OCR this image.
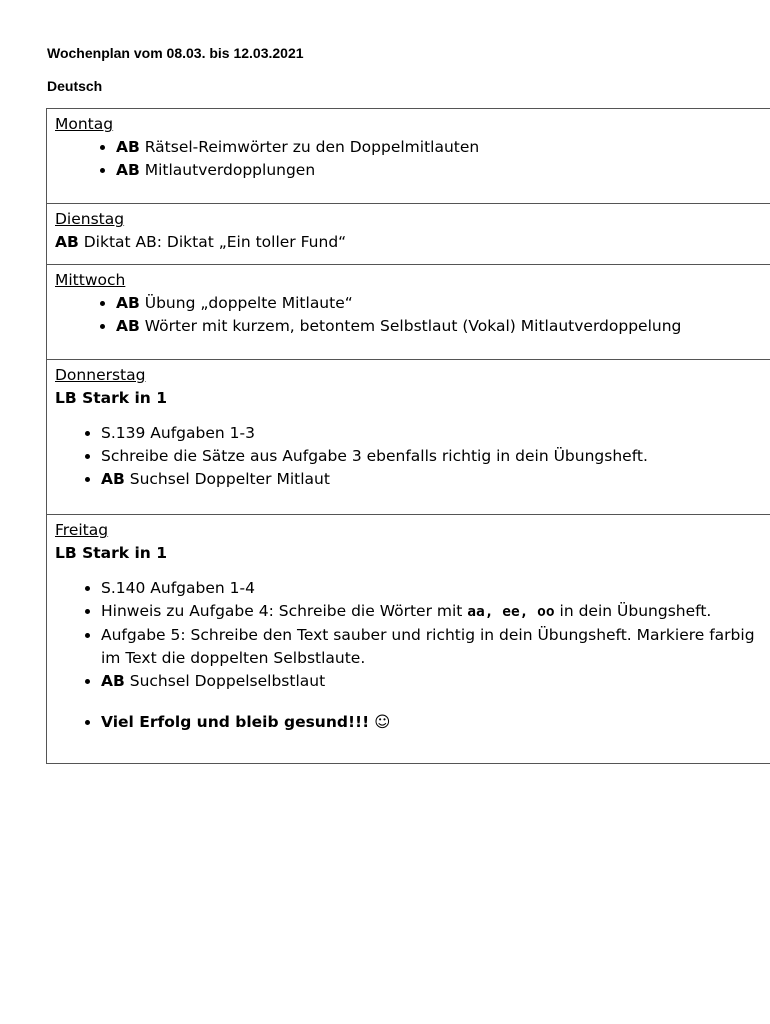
Wochenplan vom 08.03. bis 12.03.2021

Deutsch

Montag
• AB Rätsel-Reimwörter zu den Doppelmitlauten
• AB Mitlautverdopplungen

Dienstag
AB Diktat AB: Diktat „Ein toller Fund“

Mittwoch
• AB Übung „doppelte Mitlaute“
• AB Wörter mit kurzem, betontem Selbstlaut (Vokal) Mitlautverdoppelung

Donnerstag
LB Stark in 1
• S.139 Aufgaben 1-3
• Schreibe die Sätze aus Aufgabe 3 ebenfalls richtig in dein Übungsheft.
• AB Suchsel Doppelter Mitlaut

Freitag
LB Stark in 1
• S.140 Aufgaben 1-4
• Hinweis zu Aufgabe 4: Schreibe die Wörter mit aa, ee, oo in dein Übungsheft.
• Aufgabe 5: Schreibe den Text sauber und richtig in dein Übungsheft. Markiere farbig im Text die doppelten Selbstlaute.
• AB Suchsel Doppelselbstlaut
• Viel Erfolg und bleib gesund!!! ☺
